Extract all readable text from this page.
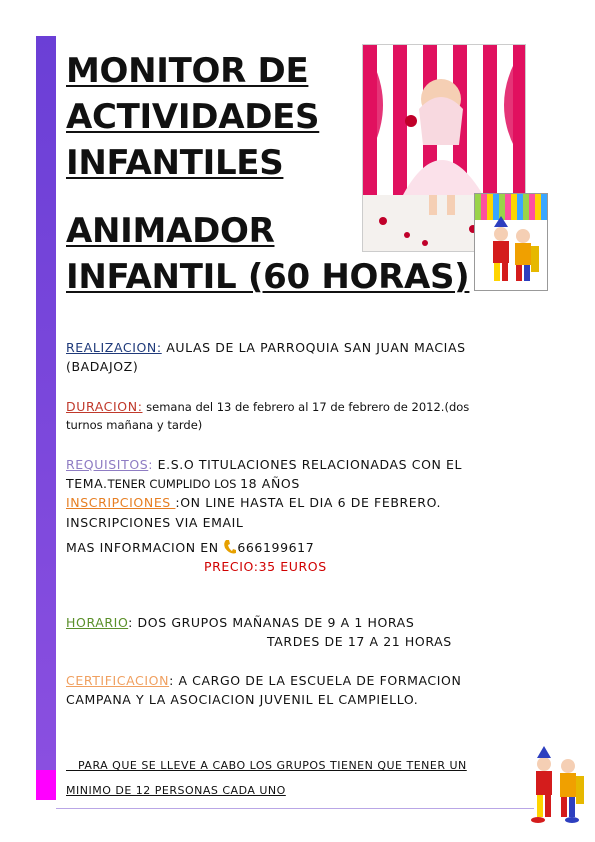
MONITOR DE
ACTIVIDADES
INFANTILES
ANIMADOR
INFANTIL (60 HORAS)

REALIZACION: AULAS DE LA PARROQUIA SAN JUAN MACIAS

(BADAJOZ)

DURACION: semana del 13 de febrero al 17 de febrero de 2012.(dos

turnos mañana y tarde)

REQUISITOS: E.S.O TITULACIONES RELACIONADAS CON EL

TEMA.TENER CUMPLIDO LOS 18 AÑOS

INSCRIPCIONES :ON LINE HASTA EL DIA 6 DE FEBRERO.

INSCRIPCIONES VIA EMAIL

MAS INFORMACION EN 666199617

PRECIO:35 EUROS

HORARIO: DOS GRUPOS MAÑANAS DE 9 A 1 HORAS

TARDES DE 17 A 21 HORAS

CERTIFICACION: A CARGO DE LA ESCUELA DE FORMACION

CAMPANA Y LA ASOCIACION JUVENIL EL CAMPIELLO.

PARA QUE SE LLEVE A CABO LOS GRUPOS TIENEN QUE TENER UN

MINIMO DE 12 PERSONAS CADA UNO
